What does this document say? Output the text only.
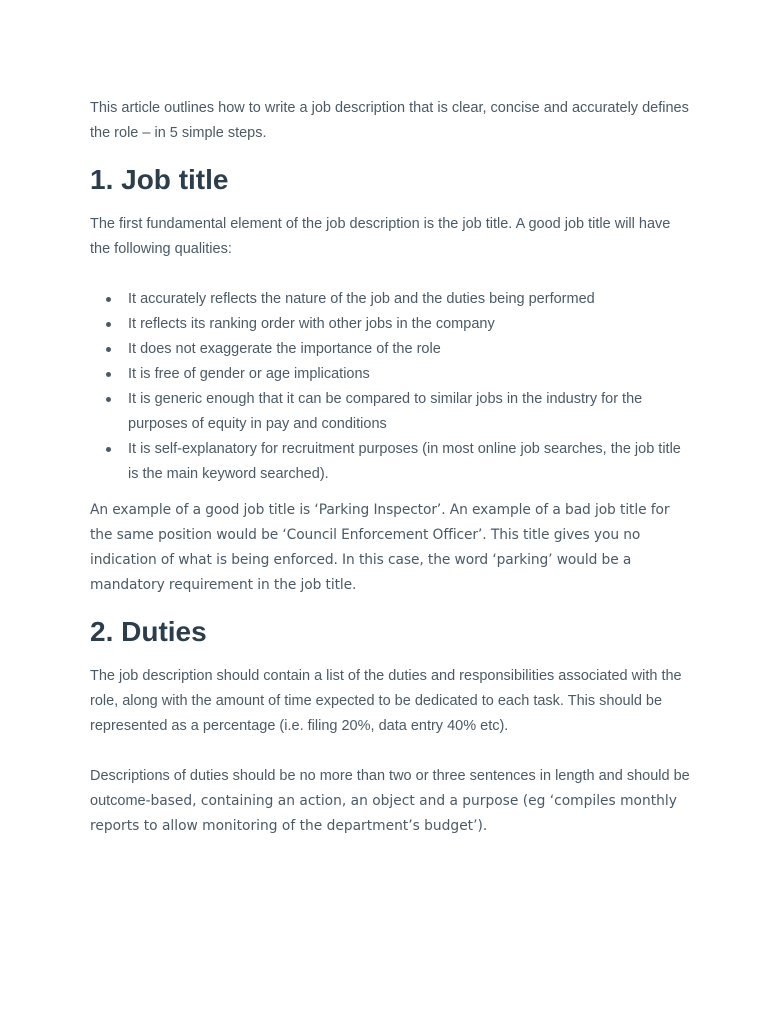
This article outlines how to write a job description that is clear, concise and accurately defines the role – in 5 simple steps.

1. Job title

The first fundamental element of the job description is the job title. A good job title will have the following qualities:

It accurately reflects the nature of the job and the duties being performed
It reflects its ranking order with other jobs in the company
It does not exaggerate the importance of the role
It is free of gender or age implications
It is generic enough that it can be compared to similar jobs in the industry for the purposes of equity in pay and conditions
It is self-explanatory for recruitment purposes (in most online job searches, the job title is the main keyword searched).

An example of a good job title is ‘Parking Inspector’. An example of a bad job title for the same position would be ‘Council Enforcement Officer’. This title gives you no indication of what is being enforced. In this case, the word ‘parking’ would be a mandatory requirement in the job title.

2. Duties

The job description should contain a list of the duties and responsibilities associated with the role, along with the amount of time expected to be dedicated to each task. This should be represented as a percentage (i.e. filing 20%, data entry 40% etc).

Descriptions of duties should be no more than two or three sentences in length and should be outcome-based, containing an action, an object and a purpose (eg ‘compiles monthly reports to allow monitoring of the department’s budget’).
